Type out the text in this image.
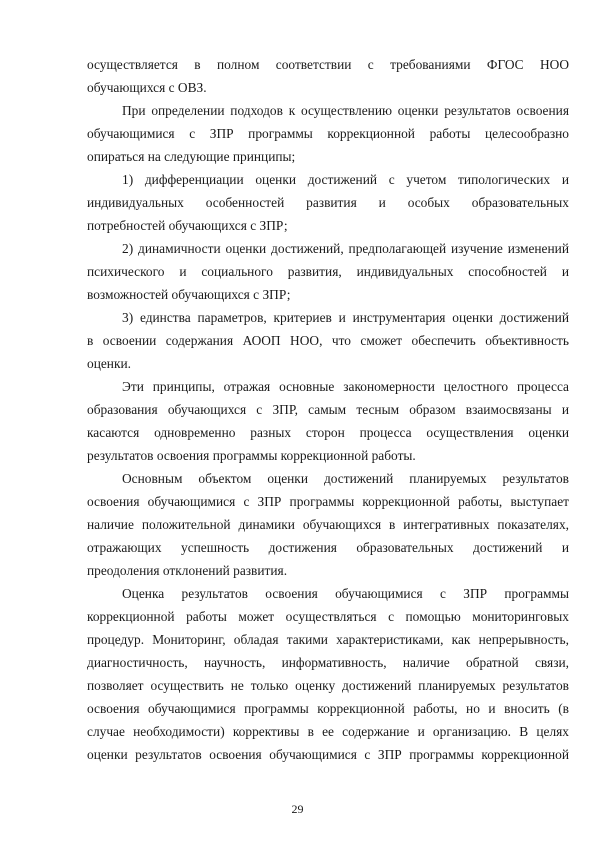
осуществляется в полном соответствии с требованиями ФГОС НОО
обучающихся с ОВЗ.
При определении подходов к осуществлению оценки результатов освоения
обучающимися с ЗПР программы коррекционной работы целесообразно
опираться на следующие принципы;
1) дифференциации оценки достижений с учетом типологических и
индивидуальных особенностей развития и особых образовательных
потребностей обучающихся с ЗПР;
2) динамичности оценки достижений, предполагающей изучение изменений
психического и социального развития, индивидуальных способностей и
возможностей обучающихся с ЗПР;
3) единства параметров, критериев и инструментария оценки достижений
в освоении содержания АООП НОО, что сможет обеспечить объективность
оценки.
Эти принципы, отражая основные закономерности целостного процесса
образования обучающихся с ЗПР, самым тесным образом взаимосвязаны и
касаются одновременно разных сторон процесса осуществления оценки
результатов освоения программы коррекционной работы.
Основным объектом оценки достижений планируемых результатов
освоения обучающимися с ЗПР программы коррекционной работы, выступает
наличие положительной динамики обучающихся в интегративных показателях,
отражающих успешность достижения образовательных достижений и
преодоления отклонений развития.
Оценка результатов освоения обучающимися с ЗПР программы
коррекционной работы может осуществляться с помощью мониторинговых
процедур. Мониторинг, обладая такими характеристиками, как непрерывность,
диагностичность, научность, информативность, наличие обратной связи,
позволяет осуществить не только оценку достижений планируемых результатов
освоения обучающимися программы коррекционной работы, но и вносить (в
случае необходимости) коррективы в ее содержание и организацию. В целях
оценки результатов освоения обучающимися с ЗПР программы коррекционной
29
